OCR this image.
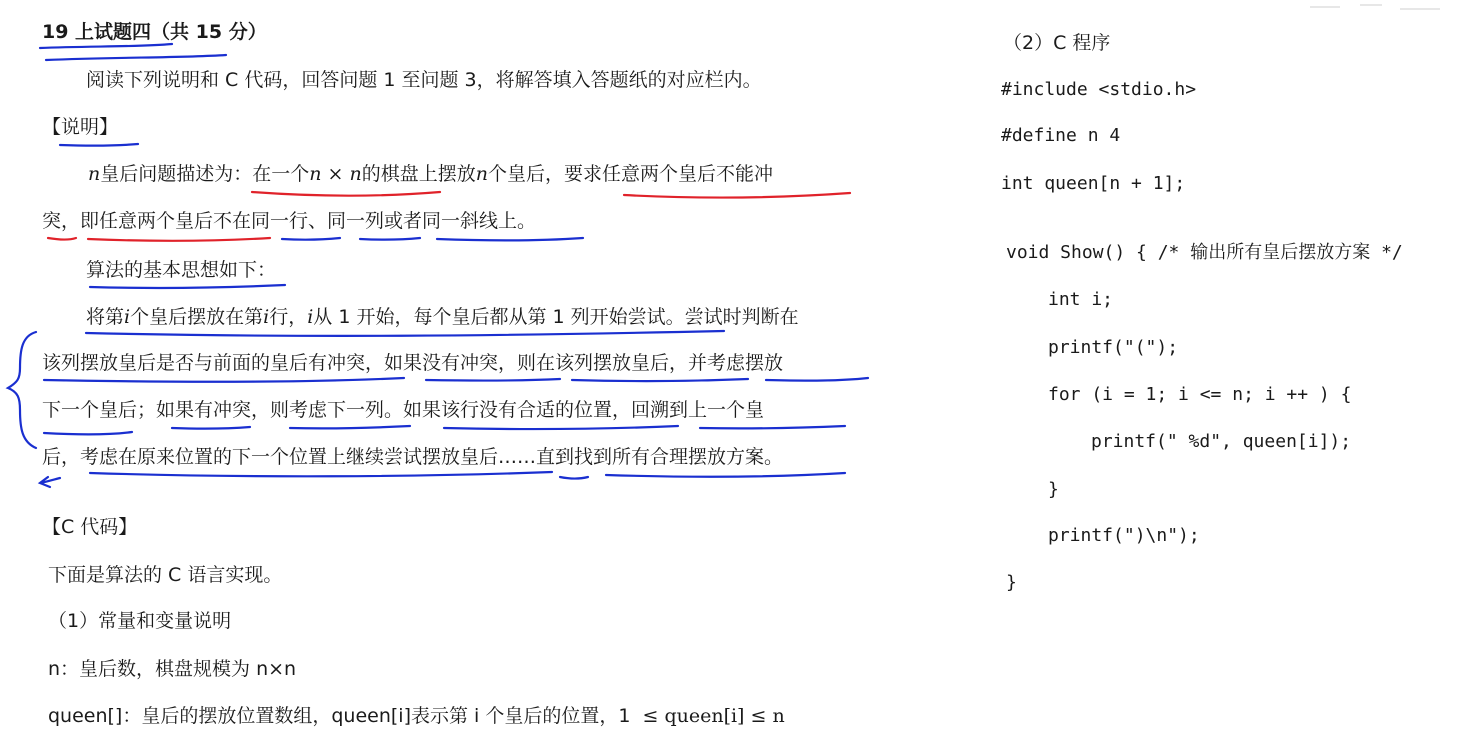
19 上试题四（共 15 分）
阅读下列说明和 C 代码，回答问题 1 至问题 3，将解答填入答题纸的对应栏内。
【说明】
n皇后问题描述为：在一个n × n的棋盘上摆放n个皇后，要求任意两个皇后不能冲
突，即任意两个皇后不在同一行、同一列或者同一斜线上。
算法的基本思想如下：
将第i个皇后摆放在第i行，i从 1 开始，每个皇后都从第 1 列开始尝试。尝试时判断在
该列摆放皇后是否与前面的皇后有冲突，如果没有冲突，则在该列摆放皇后，并考虑摆放
下一个皇后；如果有冲突，则考虑下一列。如果该行没有合适的位置，回溯到上一个皇
后，考虑在原来位置的下一个位置上继续尝试摆放皇后……直到找到所有合理摆放方案。
【C 代码】
下面是算法的 C 语言实现。
（1）常量和变量说明
n：皇后数，棋盘规模为 n×n
queen[]：皇后的摆放位置数组，queen[i]表示第 i 个皇后的位置，1 ≤ queen[i] ≤ n
（2）C 程序
#include <stdio.h>
#define n 4
int queen[n + 1];
void Show() { /* 输出所有皇后摆放方案 */
int i;
printf("(");
for (i = 1; i <= n; i ++ ) {
printf(" %d", queen[i]);
}
printf(")\n");
}
